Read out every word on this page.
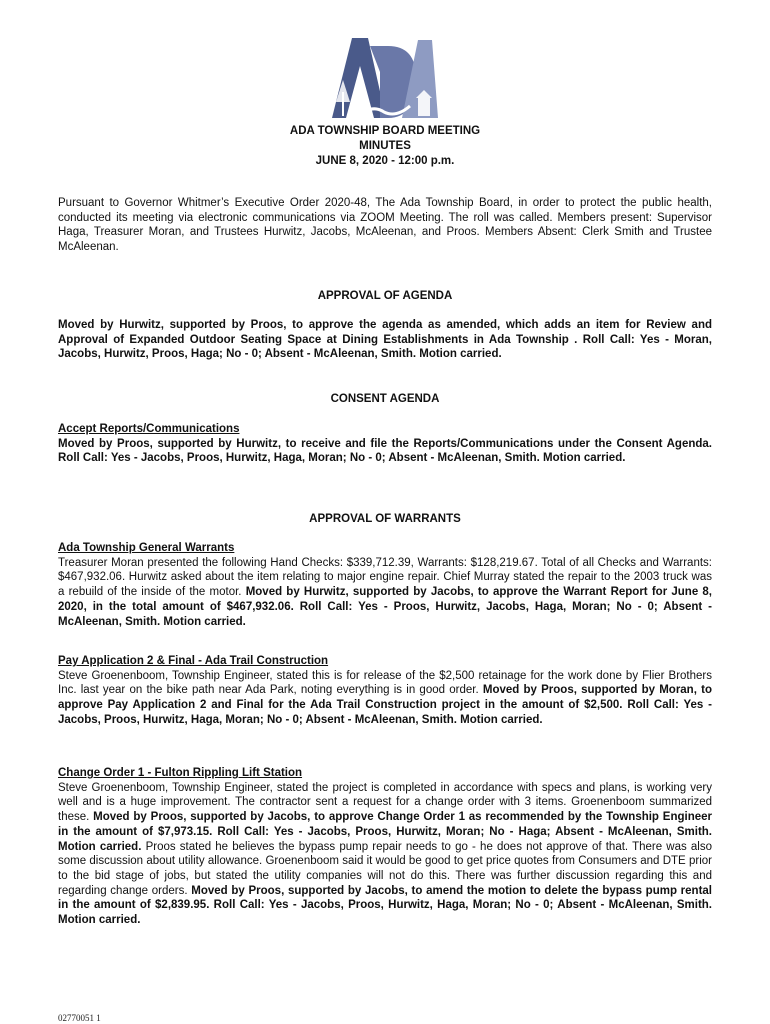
ADA TOWNSHIP BOARD MEETING
MINUTES
JUNE 8, 2020 - 12:00 p.m.
Pursuant to Governor Whitmer’s Executive Order 2020-48, The Ada Township Board, in order to protect the public health, conducted its meeting via electronic communications via ZOOM Meeting. The roll was called. Members present: Supervisor Haga, Treasurer Moran, and Trustees Hurwitz, Jacobs, McAleenan, and Proos. Members Absent: Clerk Smith and Trustee McAleenan.
APPROVAL OF AGENDA
Moved by Hurwitz, supported by Proos, to approve the agenda as amended, which adds an item for Review and Approval of Expanded Outdoor Seating Space at Dining Establishments in Ada Township . Roll Call: Yes - Moran, Jacobs, Hurwitz, Proos, Haga; No - 0; Absent - McAleenan, Smith. Motion carried.
CONSENT AGENDA
Accept Reports/Communications
Moved by Proos, supported by Hurwitz, to receive and file the Reports/Communications under the Consent Agenda. Roll Call: Yes - Jacobs, Proos, Hurwitz, Haga, Moran; No - 0; Absent - McAleenan, Smith. Motion carried.
APPROVAL OF WARRANTS
Ada Township General Warrants
Treasurer Moran presented the following Hand Checks: $339,712.39, Warrants: $128,219.67. Total of all Checks and Warrants: $467,932.06. Hurwitz asked about the item relating to major engine repair. Chief Murray stated the repair to the 2003 truck was a rebuild of the inside of the motor. Moved by Hurwitz, supported by Jacobs, to approve the Warrant Report for June 8, 2020, in the total amount of $467,932.06. Roll Call: Yes - Proos, Hurwitz, Jacobs, Haga, Moran; No - 0; Absent - McAleenan, Smith. Motion carried.
Pay Application 2 & Final - Ada Trail Construction
Steve Groenenboom, Township Engineer, stated this is for release of the $2,500 retainage for the work done by Flier Brothers Inc. last year on the bike path near Ada Park, noting everything is in good order. Moved by Proos, supported by Moran, to approve Pay Application 2 and Final for the Ada Trail Construction project in the amount of $2,500. Roll Call: Yes - Jacobs, Proos, Hurwitz, Haga, Moran; No - 0; Absent - McAleenan, Smith. Motion carried.
Change Order 1 - Fulton Rippling Lift Station
Steve Groenenboom, Township Engineer, stated the project is completed in accordance with specs and plans, is working very well and is a huge improvement. The contractor sent a request for a change order with 3 items. Groenenboom summarized these. Moved by Proos, supported by Jacobs, to approve Change Order 1 as recommended by the Township Engineer in the amount of $7,973.15. Roll Call: Yes - Jacobs, Proos, Hurwitz, Moran; No - Haga; Absent - McAleenan, Smith. Motion carried. Proos stated he believes the bypass pump repair needs to go - he does not approve of that. There was also some discussion about utility allowance. Groenenboom said it would be good to get price quotes from Consumers and DTE prior to the bid stage of jobs, but stated the utility companies will not do this. There was further discussion regarding this and regarding change orders. Moved by Proos, supported by Jacobs, to amend the motion to delete the bypass pump rental in the amount of $2,839.95. Roll Call: Yes - Jacobs, Proos, Hurwitz, Haga, Moran; No - 0; Absent - McAleenan, Smith. Motion carried.
02770051 1
